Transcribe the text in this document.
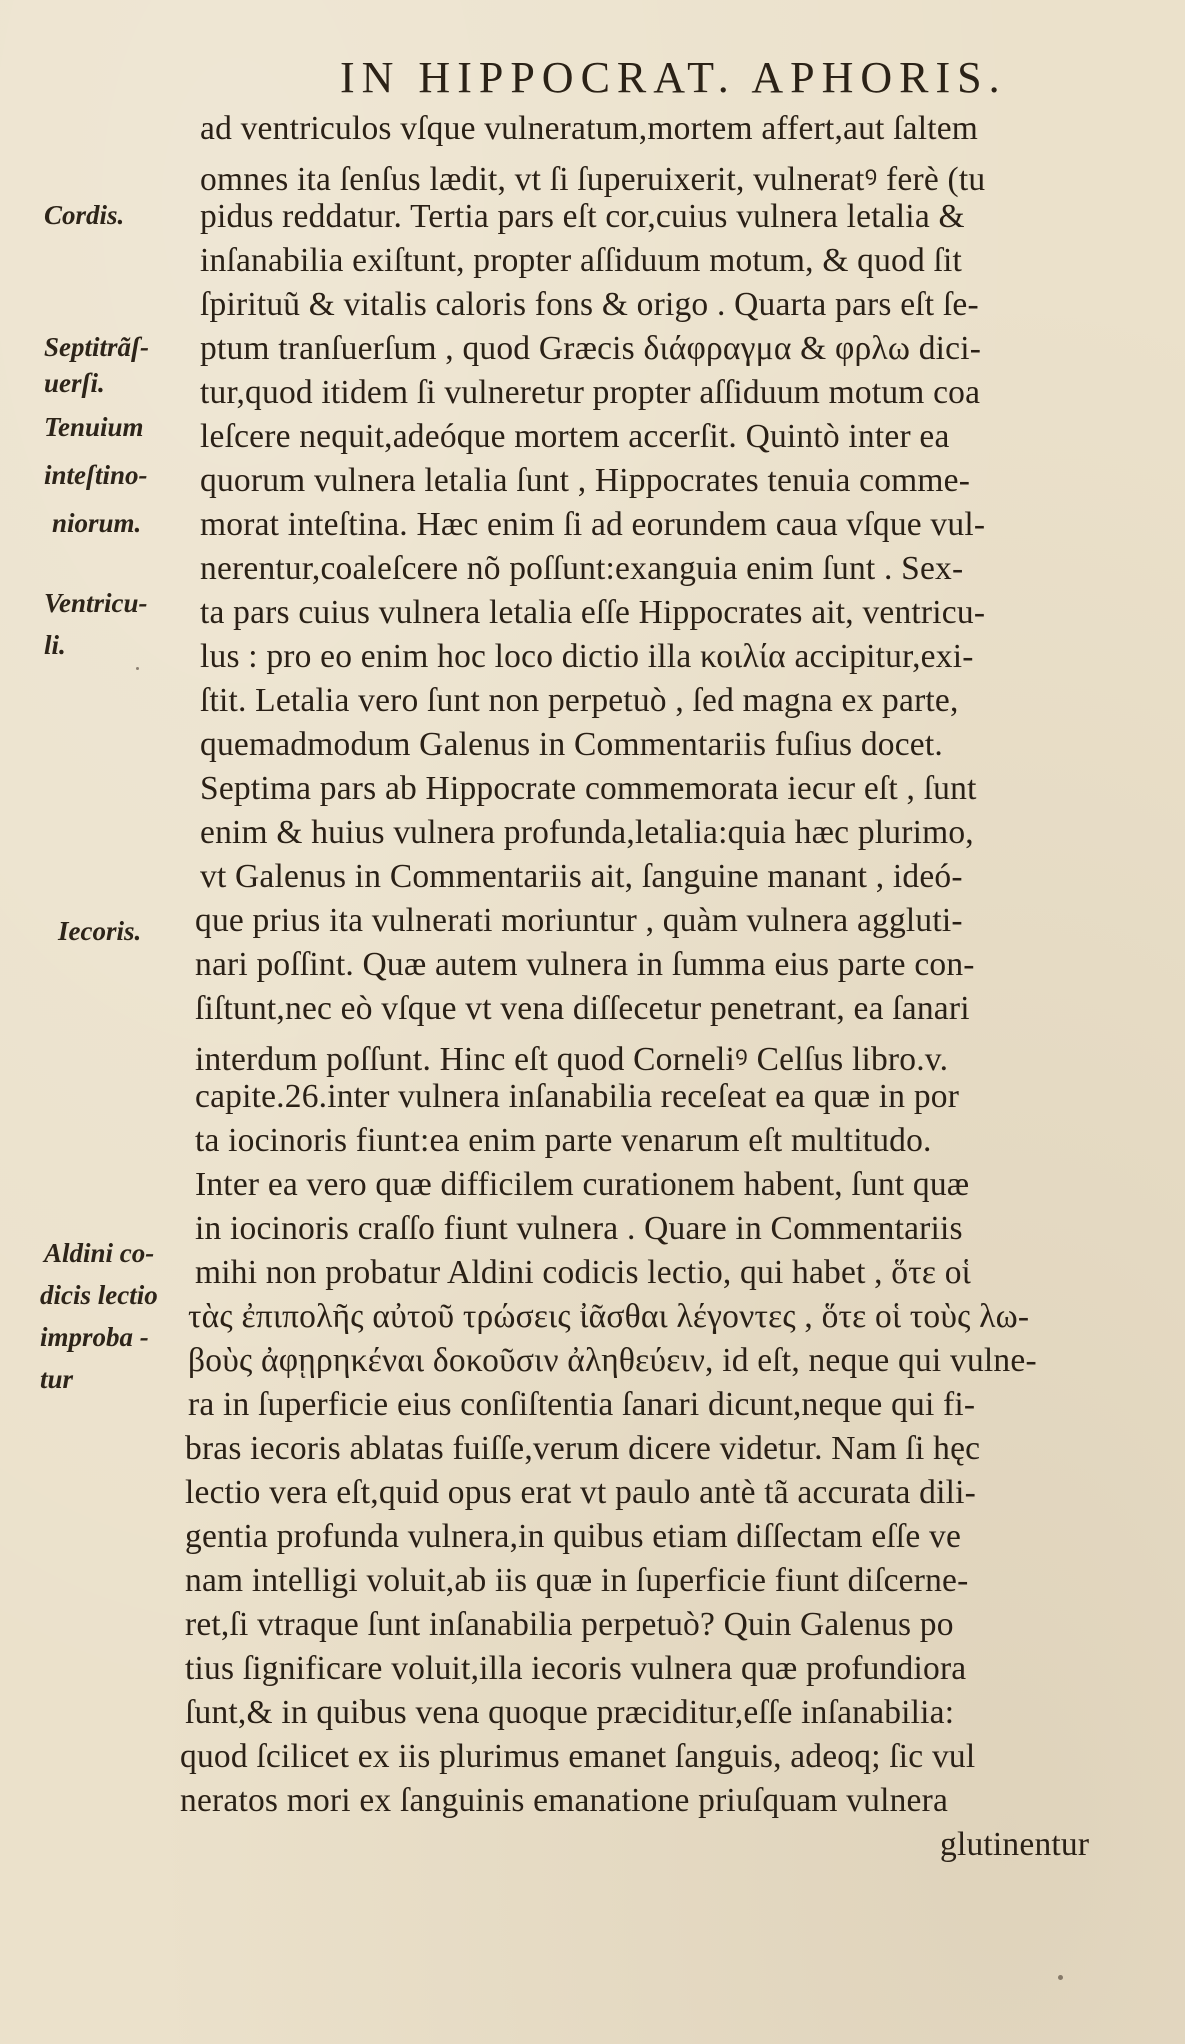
IN HIPPOCRAT. APHORIS.
Cordis.
Septitrãſ-
uerſi.
Tenuium
inteſtino-
niorum.
Ventricu-
li.
Iecoris.
Aldini co-
dicis lectio
improba -
tur
ad ventriculos vſque vulneratum,mortem affert,aut ſaltem
omnes ita ſenſus lædit, vt ſi ſuperuixerit, vulneratꝰ ferè (tu
pidus reddatur. Tertia pars eſt cor,cuius vulnera letalia &
inſanabilia exiſtunt, propter aſſiduum motum, & quod ſit
ſpirituũ & vitalis caloris fons & origo . Quarta pars eſt ſe-
ptum tranſuerſum , quod Græcis διάφραγμα & φρλω dici-
tur,quod itidem ſi vulneretur propter aſſiduum motum coa
leſcere nequit,adeóque mortem accerſit. Quintò inter ea
quorum vulnera letalia ſunt , Hippocrates tenuia comme-
morat inteſtina. Hæc enim ſi ad eorundem caua vſque vul-
nerentur,coaleſcere nõ poſſunt:exanguia enim ſunt . Sex-
ta pars cuius vulnera letalia eſſe Hippocrates ait, ventricu-
lus : pro eo enim hoc loco dictio illa κοιλία accipitur,exi-
ſtit. Letalia vero ſunt non perpetuò , ſed magna ex parte,
quemadmodum Galenus in Commentariis fuſius docet.
Septima pars ab Hippocrate commemorata iecur eſt , ſunt
enim & huius vulnera profunda,letalia:quia hæc plurimo,
vt Galenus in Commentariis ait, ſanguine manant , ideó-
que prius ita vulnerati moriuntur , quàm vulnera aggluti-
nari poſſint. Quæ autem vulnera in ſumma eius parte con-
ſiſtunt,nec eò vſque vt vena diſſecetur penetrant, ea ſanari
interdum poſſunt. Hinc eſt quod Corneliꝰ Celſus libro.v.
capite.26.inter vulnera inſanabilia receſeat ea quæ in por
ta iocinoris fiunt:ea enim parte venarum eſt multitudo.
Inter ea vero quæ difficilem curationem habent, ſunt quæ
in iocinoris craſſo fiunt vulnera . Quare in Commentariis
mihi non probatur Aldini codicis lectio, qui habet , ὅτε οἱ
τὰς ἐπιπολῆς αὐτοῦ τρώσεις ἰᾶσθαι λέγοντες , ὅτε οἱ τοὺς λω-
βοὺς ἀφῃρηκέναι δοκοῦσιν ἀληθεύειν, id eſt, neque qui vulne-
ra in ſuperficie eius conſiſtentia ſanari dicunt,neque qui fi-
bras iecoris ablatas fuiſſe,verum dicere videtur. Nam ſi hęc
lectio vera eſt,quid opus erat vt paulo antè tã accurata dili-
gentia profunda vulnera,in quibus etiam diſſectam eſſe ve
nam intelligi voluit,ab iis quæ in ſuperficie fiunt diſcerne-
ret,ſi vtraque ſunt inſanabilia perpetuò? Quin Galenus po
tius ſignificare voluit,illa iecoris vulnera quæ profundiora
ſunt,& in quibus vena quoque præciditur,eſſe inſanabilia:
quod ſcilicet ex iis plurimus emanet ſanguis, adeoq; ſic vul
neratos mori ex ſanguinis emanatione priuſquam vulnera
glutinentur
